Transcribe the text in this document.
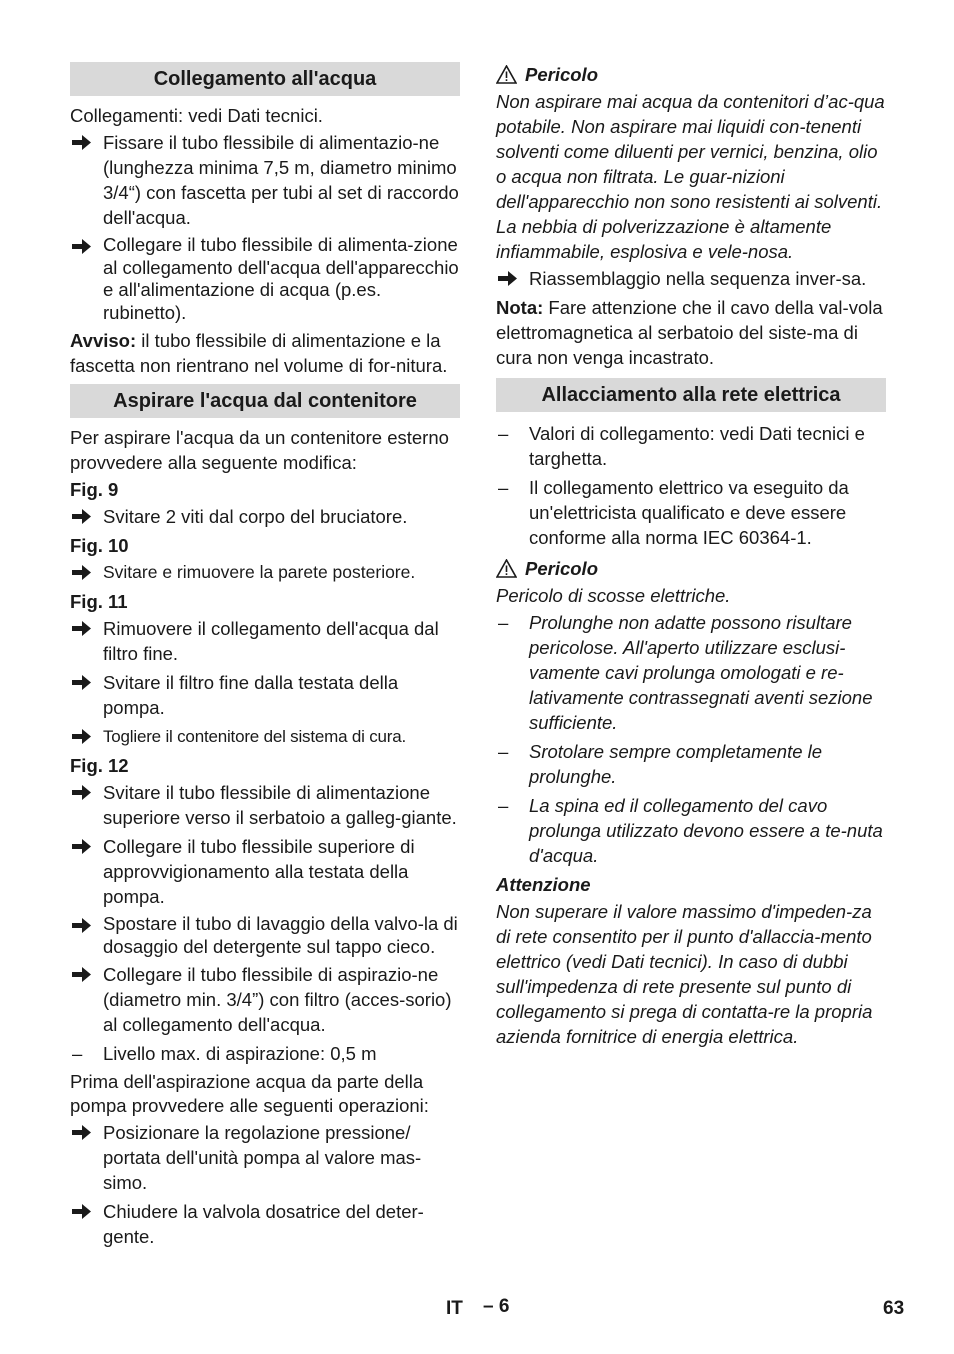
Collegamento all'acqua

Collegamenti: vedi Dati tecnici.

Fissare il tubo flessibile di alimentazio-ne (lunghezza minima 7,5 m, diametro minimo 3/4“) con fascetta per tubi al set di raccordo dell'acqua.
Collegare il tubo flessibile di alimenta-zione al collegamento dell'acqua dell'apparecchio e all'alimentazione di acqua (p.es. rubinetto).

Avviso: il tubo flessibile di alimentazione e la fascetta non rientrano nel volume di for-nitura.

Aspirare l'acqua dal contenitore

Per aspirare l'acqua da un contenitore esterno provvedere alla seguente modifica:

Fig. 9

Svitare 2 viti dal corpo del bruciatore.

Fig. 10

Svitare e rimuovere la parete posteriore.

Fig. 11

Rimuovere il collegamento dell'acqua dal filtro fine.
Svitare il filtro fine dalla testata della pompa.
Togliere il contenitore del sistema di cura.

Fig. 12

Svitare il tubo flessibile di alimentazione superiore verso il serbatoio a galleg-giante.
Collegare il tubo flessibile superiore di approvvigionamento alla testata della pompa.
Spostare il tubo di lavaggio della valvo-la di dosaggio del detergente sul tappo cieco.
Collegare il tubo flessibile di aspirazio-ne (diametro min. 3/4”) con filtro (acces-sorio) al collegamento dell'acqua.
–	Livello max. di aspirazione: 0,5 m

Prima dell'aspirazione acqua da parte della pompa provvedere alle seguenti operazioni:

Posizionare la regolazione pressione/ portata dell'unità pompa al valore mas-simo.
Chiudere la valvola dosatrice del deter-gente.
Pericolo

Non aspirare mai acqua da contenitori d’ac-qua potabile. Non aspirare mai liquidi con-tenenti solventi come diluenti per vernici, benzina, olio o acqua non filtrata. Le guar-nizioni dell'apparecchio non sono resistenti ai solventi. La nebbia di polverizzazione è altamente infiammabile, esplosiva e vele-nosa.

Riassemblaggio nella sequenza inver-sa.

Nota: Fare attenzione che il cavo della val-vola elettromagnetica al serbatoio del siste-ma di cura non venga incastrato.

Allacciamento alla rete elettrica
–	Valori di collegamento: vedi Dati tecnici e targhetta.
–	Il collegamento elettrico va eseguito da un'elettricista qualificato e deve essere conforme alla norma IEC 60364-1.
Pericolo

Pericolo di scosse elettriche.

–	Prolunghe non adatte possono risultare pericolose. All'aperto utilizzare esclusi-vamente cavi prolunga omologati e re-lativamente contrassegnati aventi sezione sufficiente.
–	Srotolare sempre completamente le prolunghe.
–	La spina ed il collegamento del cavo prolunga utilizzato devono essere a te-nuta d'acqua.

Attenzione

Non superare il valore massimo d'impeden-za di rete consentito per il punto d'allaccia-mento elettrico (vedi Dati tecnici). In caso di dubbi sull'impedenza di rete presente sul punto di collegamento si prega di contatta-re la propria azienda fornitrice di energia elettrica.

IT – 6	63
